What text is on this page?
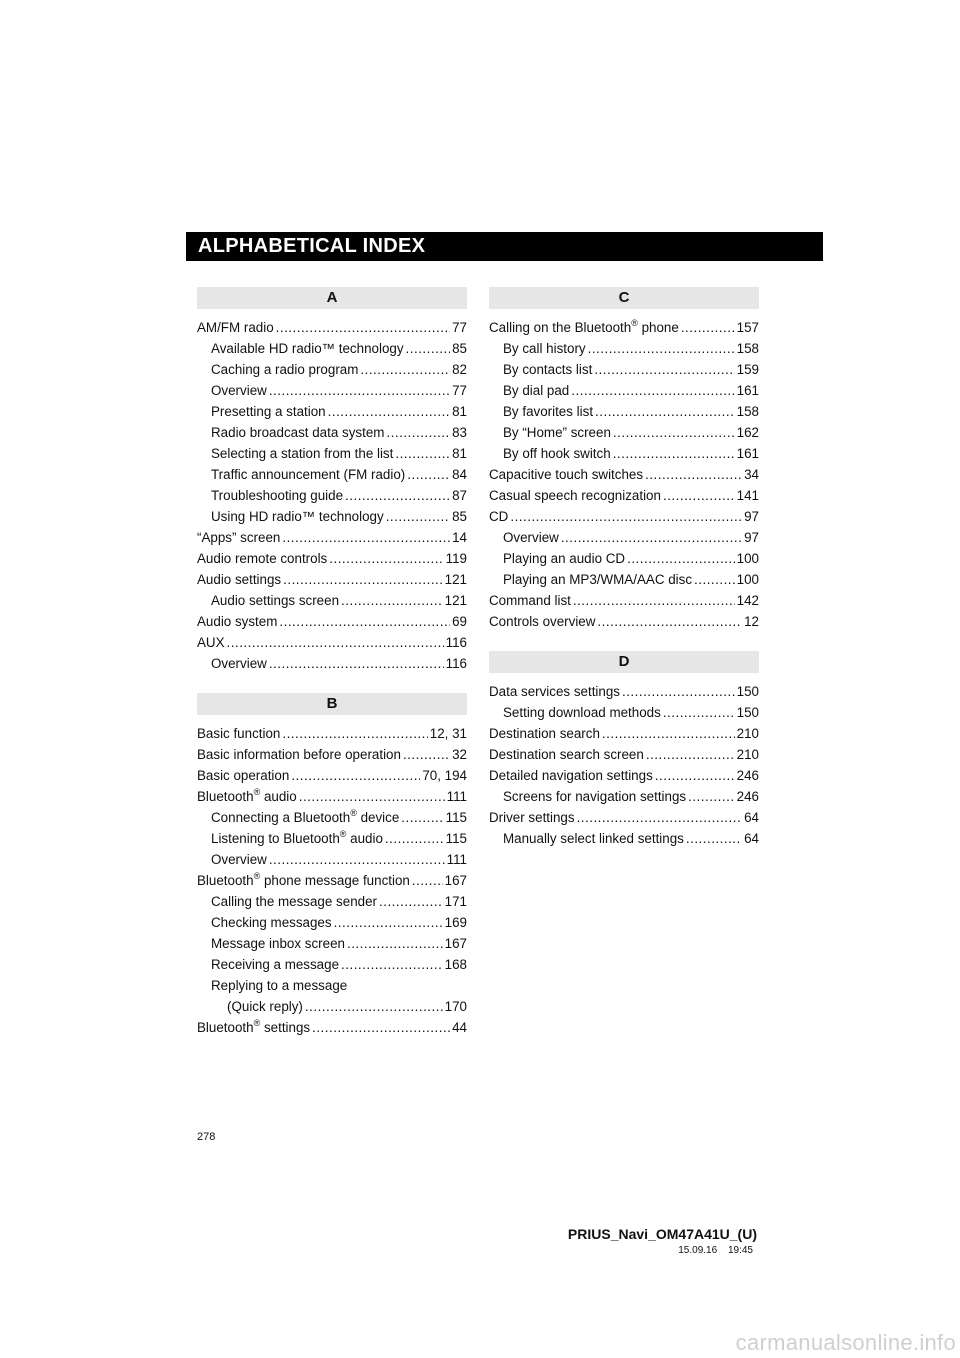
ALPHABETICAL INDEX
A
AM/FM radio .....	77
Available HD radio™ technology .....	85
Caching a radio program .....	82
Overview .....	77
Presetting a station .....	81
Radio broadcast data system .....	83
Selecting a station from the list .....	81
Traffic announcement (FM radio) .....	84
Troubleshooting guide .....	87
Using HD radio™ technology .....	85
“Apps” screen .....	14
Audio remote controls .....	119
Audio settings .....	121
Audio settings screen .....	121
Audio system .....	69
AUX .....	116
Overview .....	116
B
Basic function .....	12, 31
Basic information before operation .....	32
Basic operation .....	70, 194
Bluetooth® audio .....	111
Connecting a Bluetooth® device .....	115
Listening to Bluetooth® audio .....	115
Overview .....	111
Bluetooth® phone message function .....	167
Calling the message sender .....	171
Checking messages .....	169
Message inbox screen .....	167
Receiving a message .....	168
Replying to a message
(Quick reply) .....	170
Bluetooth® settings .....	44
C
Calling on the Bluetooth® phone .....	157
By call history .....	158
By contacts list .....	159
By dial pad .....	161
By favorites list .....	158
By “Home” screen .....	162
By off hook switch .....	161
Capacitive touch switches .....	34
Casual speech recognization .....	141
CD .....	97
Overview .....	97
Playing an audio CD .....	100
Playing an MP3/WMA/AAC disc .....	100
Command list .....	142
Controls overview .....	12
D
Data services settings .....	150
Setting download methods .....	150
Destination search .....	210
Destination search screen .....	210
Detailed navigation settings .....	246
Screens for navigation settings .....	246
Driver settings .....	64
Manually select linked settings .....	64
278
PRIUS_Navi_OM47A41U_(U)
15.09.16 19:45
carmanualsonline.info
